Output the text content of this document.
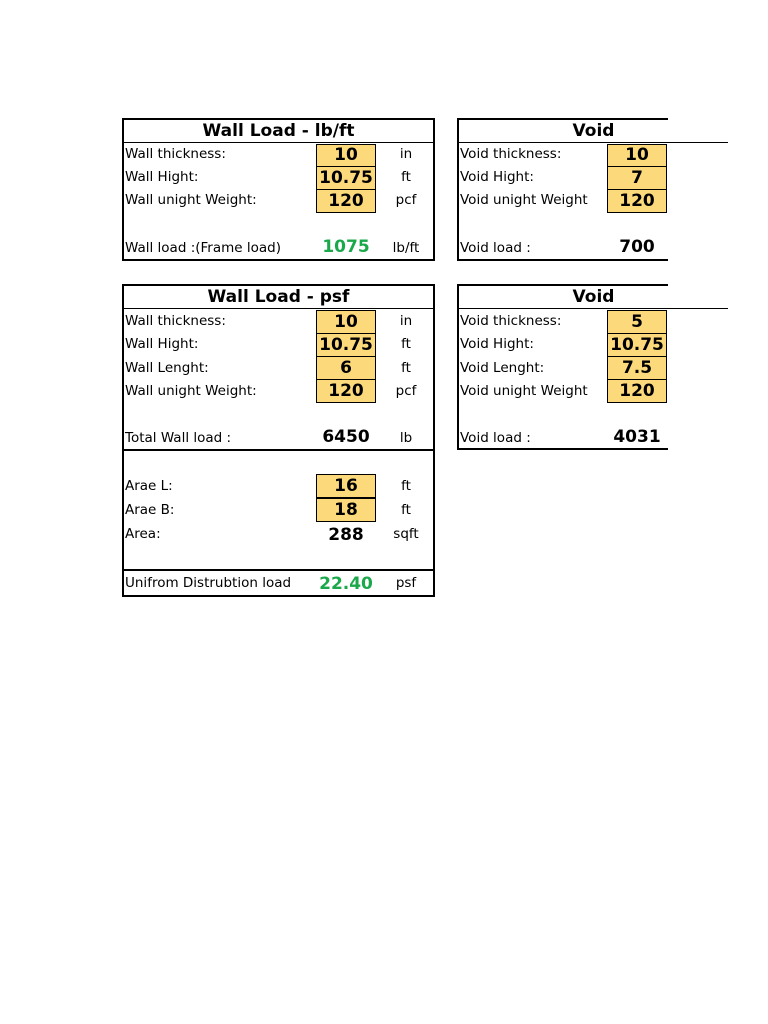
Wall Load - lb/ft
Wall thickness:	10	in
Wall Hight:	10.75	ft
Wall unight Weight:	120	pcf
Wall load :(Frame load)	1075	lb/ft
Void
Void thickness:	10
Void Hight:	7
Void unight Weight	120
Void load :	700
Wall Load - psf
Wall thickness:	10	in
Wall Hight:	10.75	ft
Wall Lenght:	6	ft
Wall unight Weight:	120	pcf
Total Wall load :	6450	lb
Arae L:	16	ft
Arae B:	18	ft
Area:	288	sqft
Unifrom Distrubtion load 22.40	psf
Void
Void thickness:	5
Void Hight:	10.75
Void Lenght:	7.5
Void unight Weight	120
Void load :	4031
